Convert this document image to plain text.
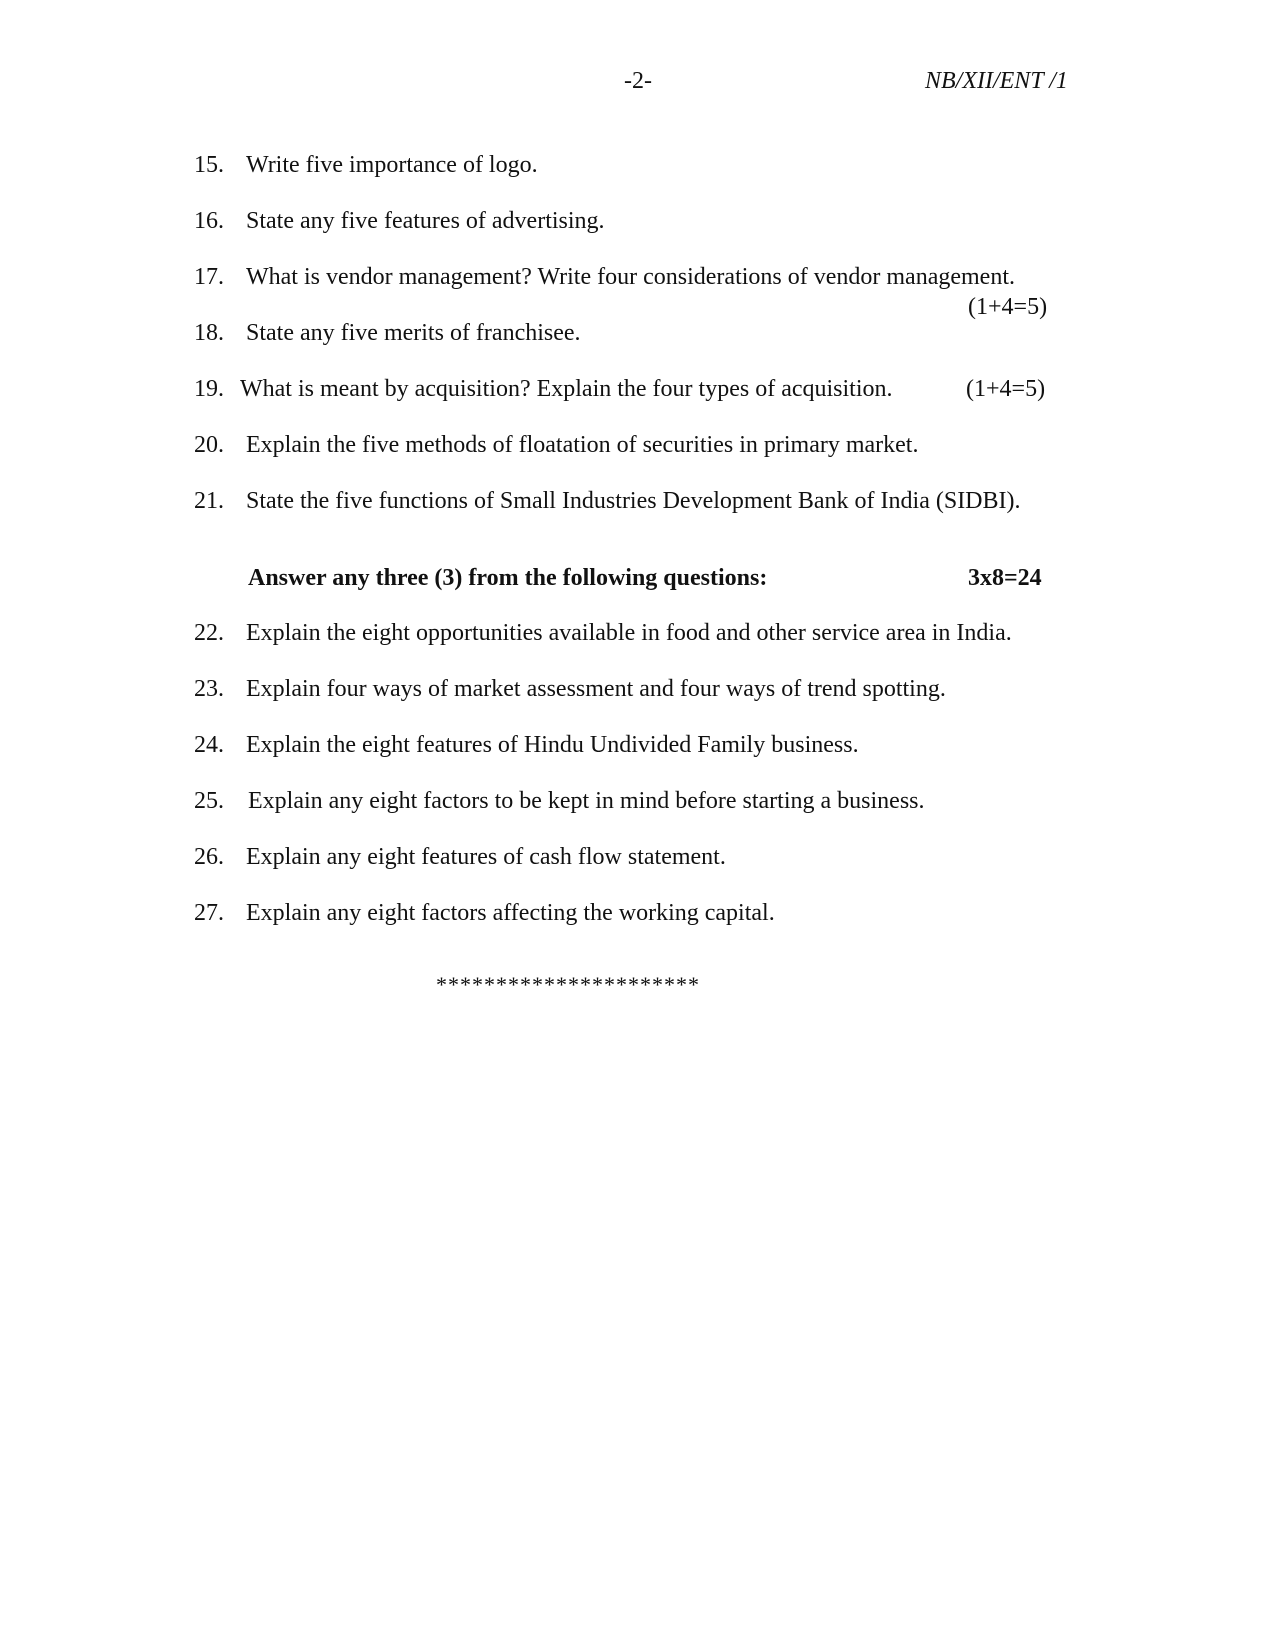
-2-	NB/XII/ENT /1
15. Write five importance of logo.
16. State any five features of advertising.
17. What is vendor management? Write four considerations of vendor management.
(1+4=5)
18. State any five merits of franchisee.
19. What is meant by acquisition? Explain the four types of acquisition.	(1+4=5)
20. Explain the five methods of floatation of securities in primary market.
21. State the five functions of Small Industries Development Bank of India (SIDBI).
Answer any three (3) from the following questions:	3x8=24
22. Explain the eight opportunities available in food and other service area in India.
23. Explain four ways of market assessment and four ways of trend spotting.
24. Explain the eight features of Hindu Undivided Family business.
25. Explain any eight factors to be kept in mind before starting a business.
26. Explain any eight features of cash flow statement.
27. Explain any eight factors affecting the working capital.
**********************
